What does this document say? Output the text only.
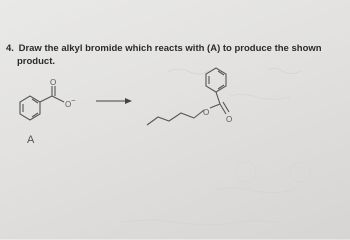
4. Draw the alkyl bromide which reacts with (A) to produce the shown
product.
O
O −
O
O
A
